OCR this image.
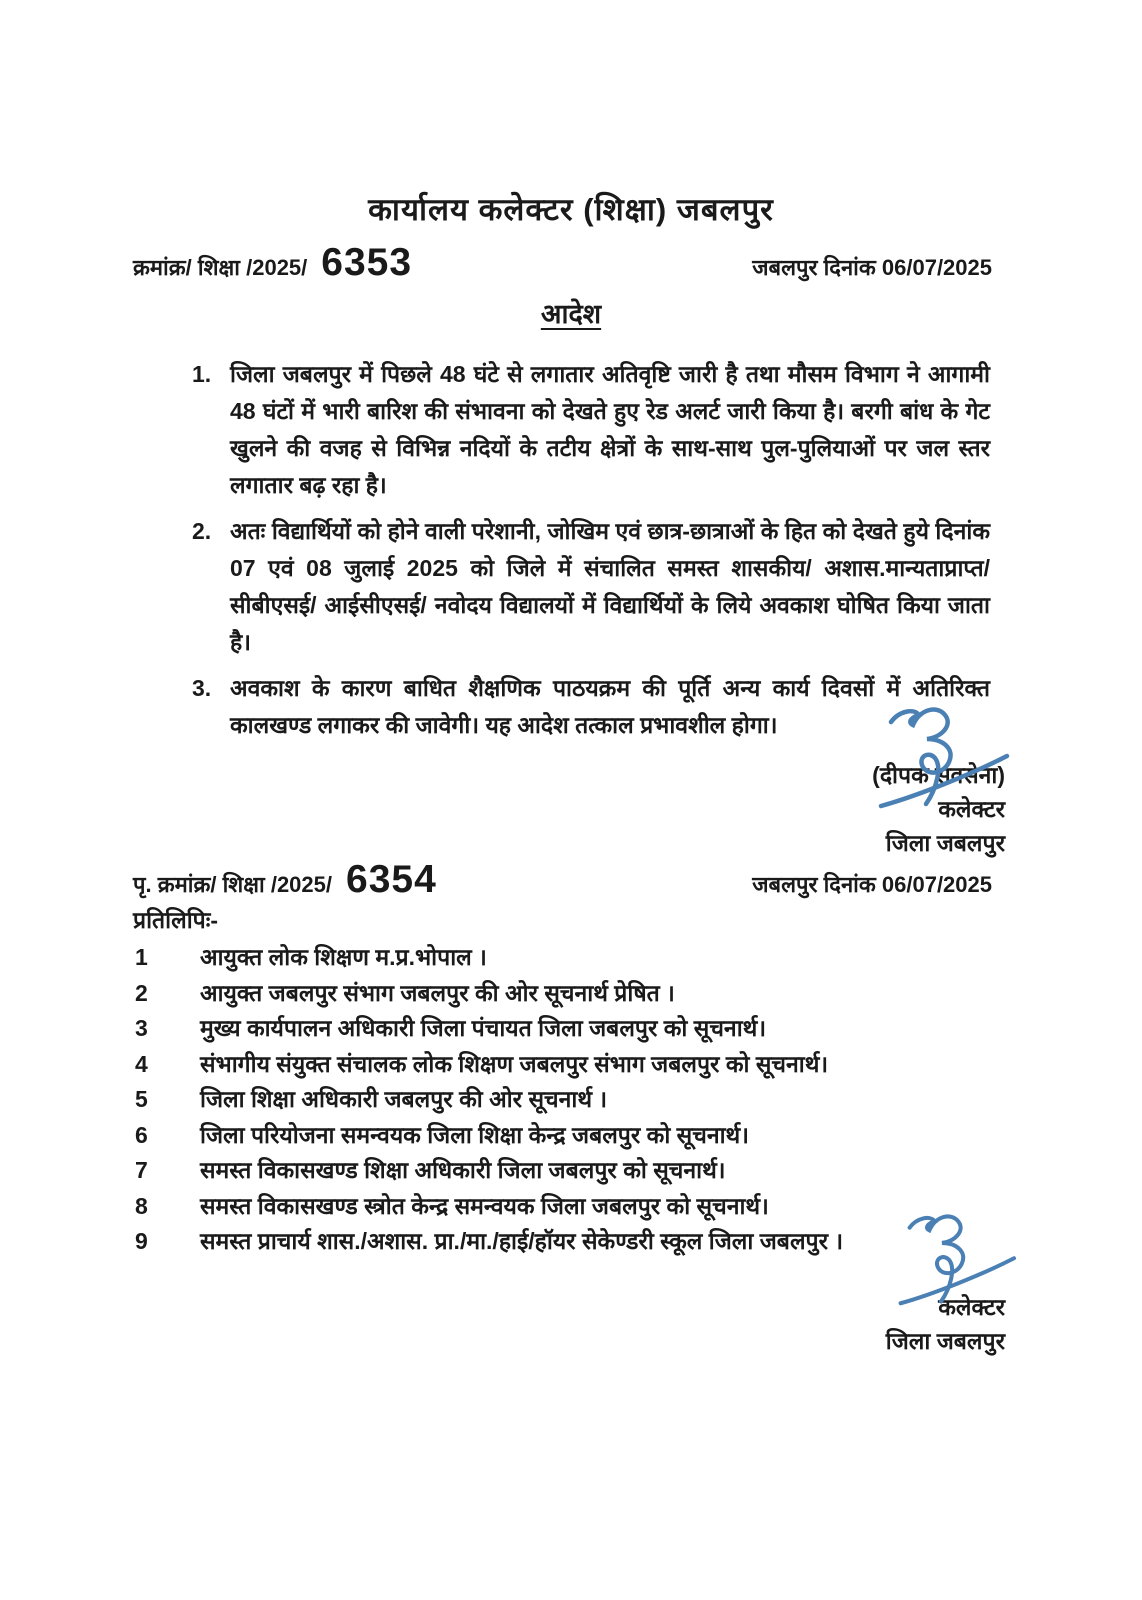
कार्यालय कलेक्टर (शिक्षा) जबलपुर
क्रमांक्र/ शिक्षा /2025/ 6353	जबलपुर दिनांक 06/07/2025
आदेश
1. जिला जबलपुर में पिछले 48 घंटे से लगातार अतिवृष्टि जारी है तथा मौसम विभाग ने आगामी 48 घंटों में भारी बारिश की संभावना को देखते हुए रेड अलर्ट जारी किया है। बरगी बांध के गेट खुलने की वजह से विभिन्न नदियों के तटीय क्षेत्रों के साथ-साथ पुल-पुलियाओं पर जल स्तर लगातार बढ़ रहा है।
2. अतः विद्यार्थियों को होने वाली परेशानी, जोखिम एवं छात्र-छात्राओं के हित को देखते हुये दिनांक 07 एवं 08 जुलाई 2025 को जिले में संचालित समस्त शासकीय/ अशास.मान्यताप्राप्त/ सीबीएसई/ आईसीएसई/ नवोदय विद्यालयों में विद्यार्थियों के लिये अवकाश घोषित किया जाता है।
3. अवकाश के कारण बाधित शैक्षणिक पाठयक्रम की पूर्ति अन्य कार्य दिवसों में अतिरिक्त कालखण्ड लगाकर की जावेगी। यह आदेश तत्काल प्रभावशील होगा।
(दीपक सक्सेना)
कलेक्टर
जिला जबलपुर
पृ. क्रमांक्र/ शिक्षा /2025/ 6354	जबलपुर दिनांक 06/07/2025
प्रतिलिपिः-
1	आयुक्त लोक शिक्षण म.प्र.भोपाल ।
2	आयुक्त जबलपुर संभाग जबलपुर की ओर सूचनार्थ प्रेषित ।
3	मुख्य कार्यपालन अधिकारी जिला पंचायत जिला जबलपुर को सूचनार्थ।
4	संभागीय संयुक्त संचालक लोक शिक्षण जबलपुर संभाग जबलपुर को सूचनार्थ।
5	जिला शिक्षा अधिकारी जबलपुर की ओर सूचनार्थ ।
6	जिला परियोजना समन्वयक जिला शिक्षा केन्द्र जबलपुर को सूचनार्थ।
7	समस्त विकासखण्ड शिक्षा अधिकारी जिला जबलपुर को सूचनार्थ।
8	समस्त विकासखण्ड स्त्रोत केन्द्र समन्वयक जिला जबलपुर को सूचनार्थ।
9	समस्त प्राचार्य शास./अशास. प्रा./मा./हाई/हॉयर सेकेण्डरी स्कूल जिला जबलपुर ।
कलेक्टर
जिला जबलपुर
